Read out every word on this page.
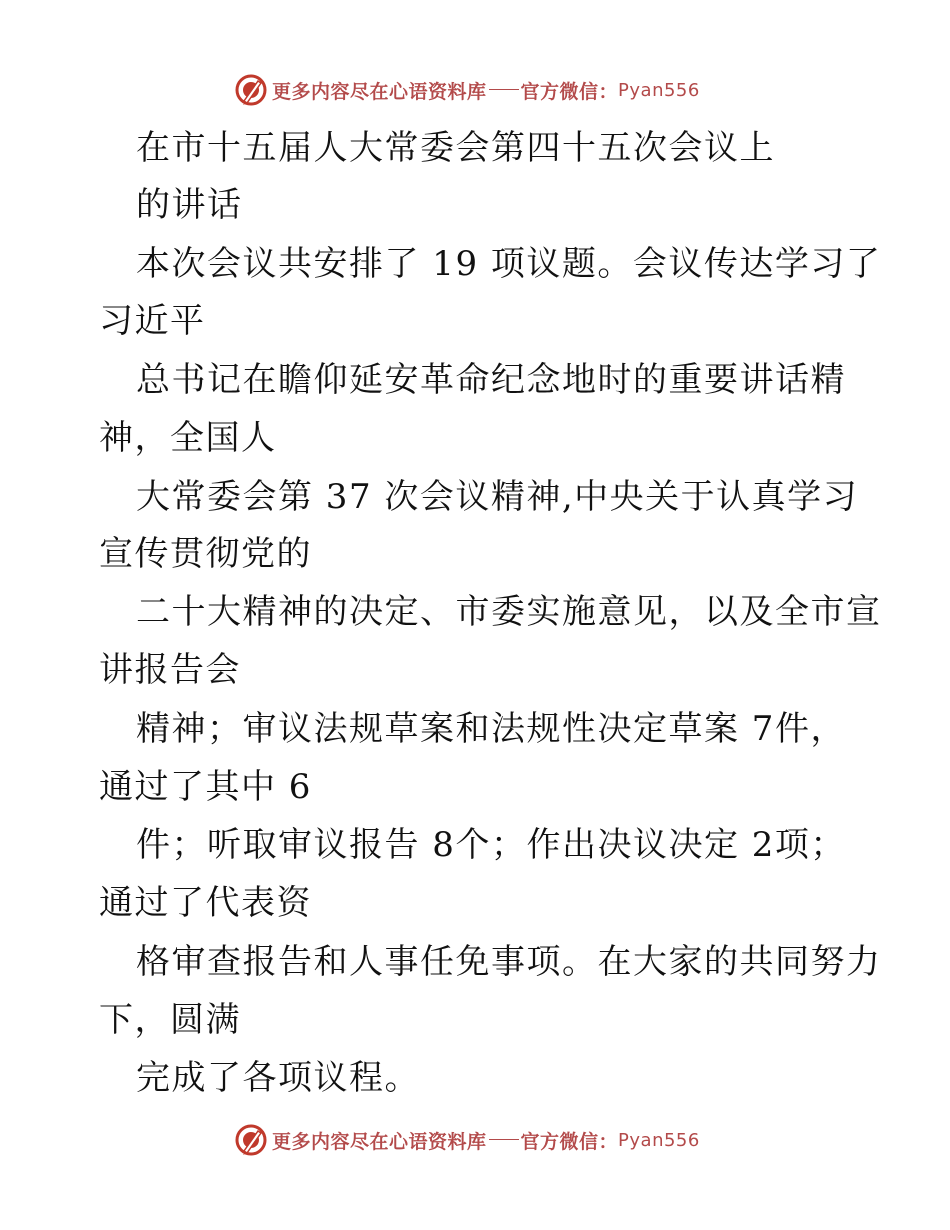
更多内容尽在心语资料库 官方微信： Pyan556
在市十五届人大常委会第四十五次会议上
的讲话
本次会议共安排了 19 项议题。会议传达学习了
习近平
总书记在瞻仰延安革命纪念地时的重要讲话精
神，全国人
大常委会第 37 次会议精神,中央关于认真学习
宣传贯彻党的
二十大精神的决定、市委实施意见，以及全市宣
讲报告会
精神；审议法规草案和法规性决定草案 7件，
通过了其中 6
件；听取审议报告 8个；作出决议决定 2项；
通过了代表资
格审查报告和人事任免事项。在大家的共同努力
下，圆满
完成了各项议程。
更多内容尽在心语资料库 官方微信： Pyan556
